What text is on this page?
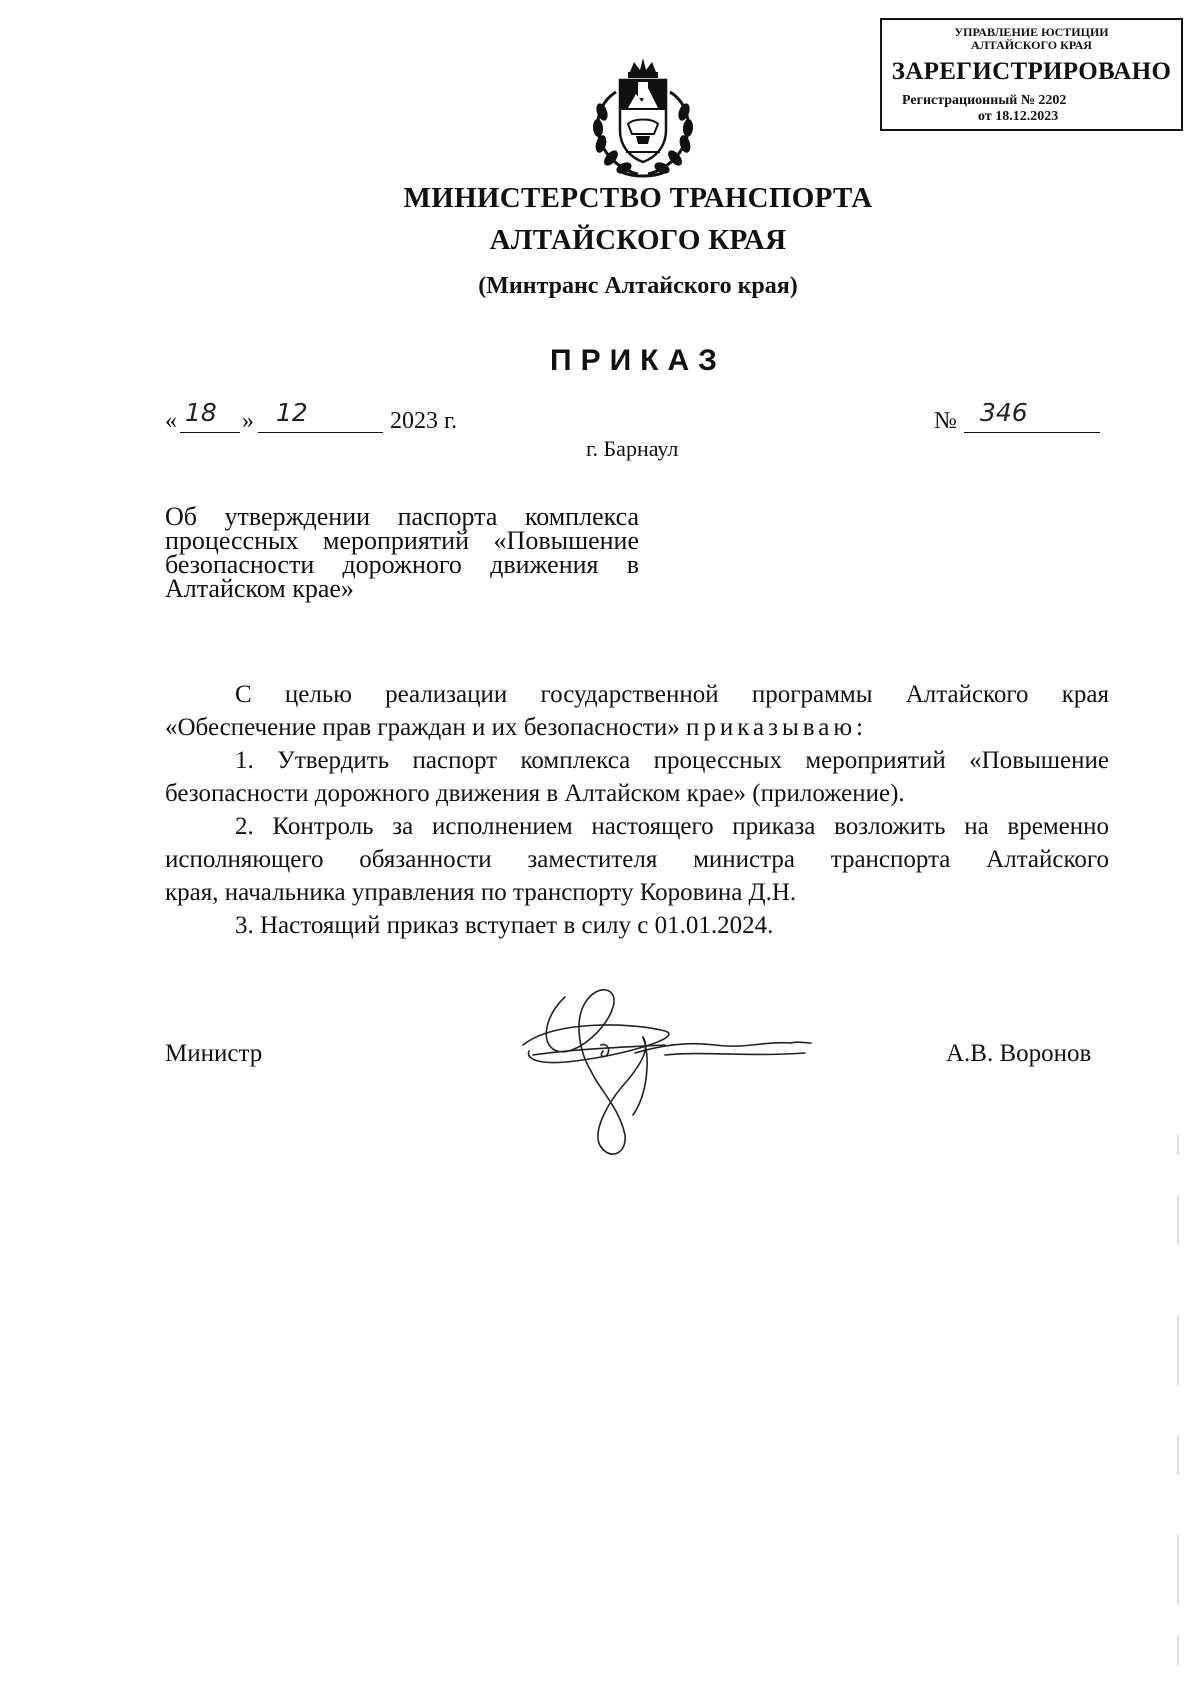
УПРАВЛЕНИЕ ЮСТИЦИИ
АЛТАЙСКОГО КРАЯ
ЗАРЕГИСТРИРОВАНО
Регистрационный № 2202
от 18.12.2023
МИНИСТЕРСТВО ТРАНСПОРТА
АЛТАЙСКОГО КРАЯ
(Минтранс Алтайского края)
ПРИКАЗ
« 18 » 12	2023 г.	№ 346
г. Барнаул
Об утверждении паспорта комплекса
процессных мероприятий «Повышение
безопасности дорожного движения в
Алтайском крае»
С целью реализации государственной программы Алтайского края
«Обеспечение прав граждан и их безопасности» приказываю:
1. Утвердить паспорт комплекса процессных мероприятий «Повышение
безопасности дорожного движения в Алтайском крае» (приложение).
2. Контроль за исполнением настоящего приказа возложить на временно
исполняющего обязанности заместителя министра транспорта Алтайского
края, начальника управления по транспорту Коровина Д.Н.
3. Настоящий приказ вступает в силу с 01.01.2024.
Министр	А.В. Воронов
